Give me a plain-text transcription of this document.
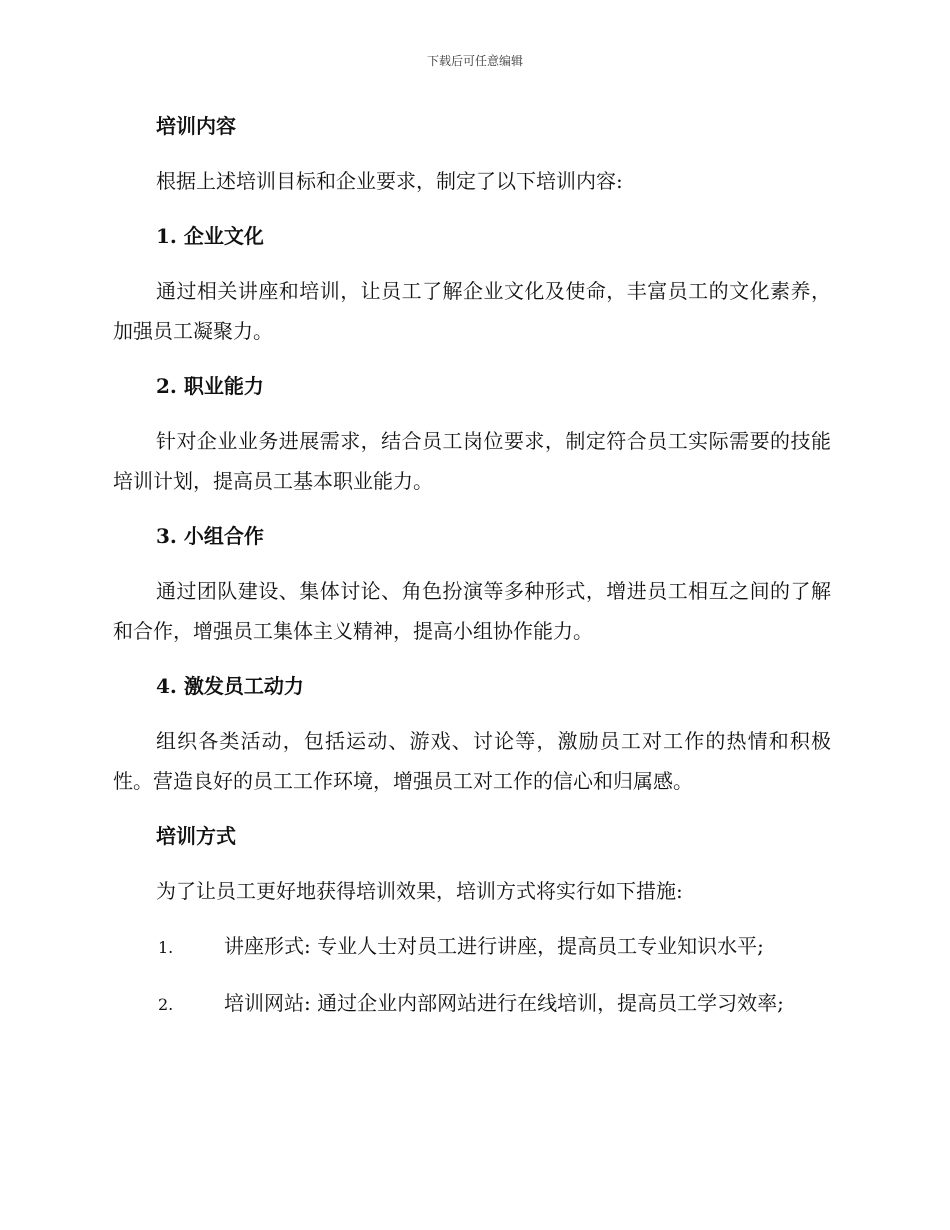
下载后可任意编辑
培训内容
根据上述培训目标和企业要求，制定了以下培训内容:
1. 企业文化
通过相关讲座和培训，让员工了解企业文化及使命，丰富员工的文化素养，加强员工凝聚力。
2. 职业能力
针对企业业务进展需求，结合员工岗位要求，制定符合员工实际需要的技能培训计划，提高员工基本职业能力。
3. 小组合作
通过团队建设、集体讨论、角色扮演等多种形式，增进员工相互之间的了解和合作，增强员工集体主义精神，提高小组协作能力。
4. 激发员工动力
组织各类活动，包括运动、游戏、讨论等，激励员工对工作的热情和积极性。营造良好的员工工作环境，增强员工对工作的信心和归属感。
培训方式
为了让员工更好地获得培训效果，培训方式将实行如下措施:
1.	讲座形式: 专业人士对员工进行讲座，提高员工专业知识水平;
2.	培训网站: 通过企业内部网站进行在线培训，提高员工学习效率;
